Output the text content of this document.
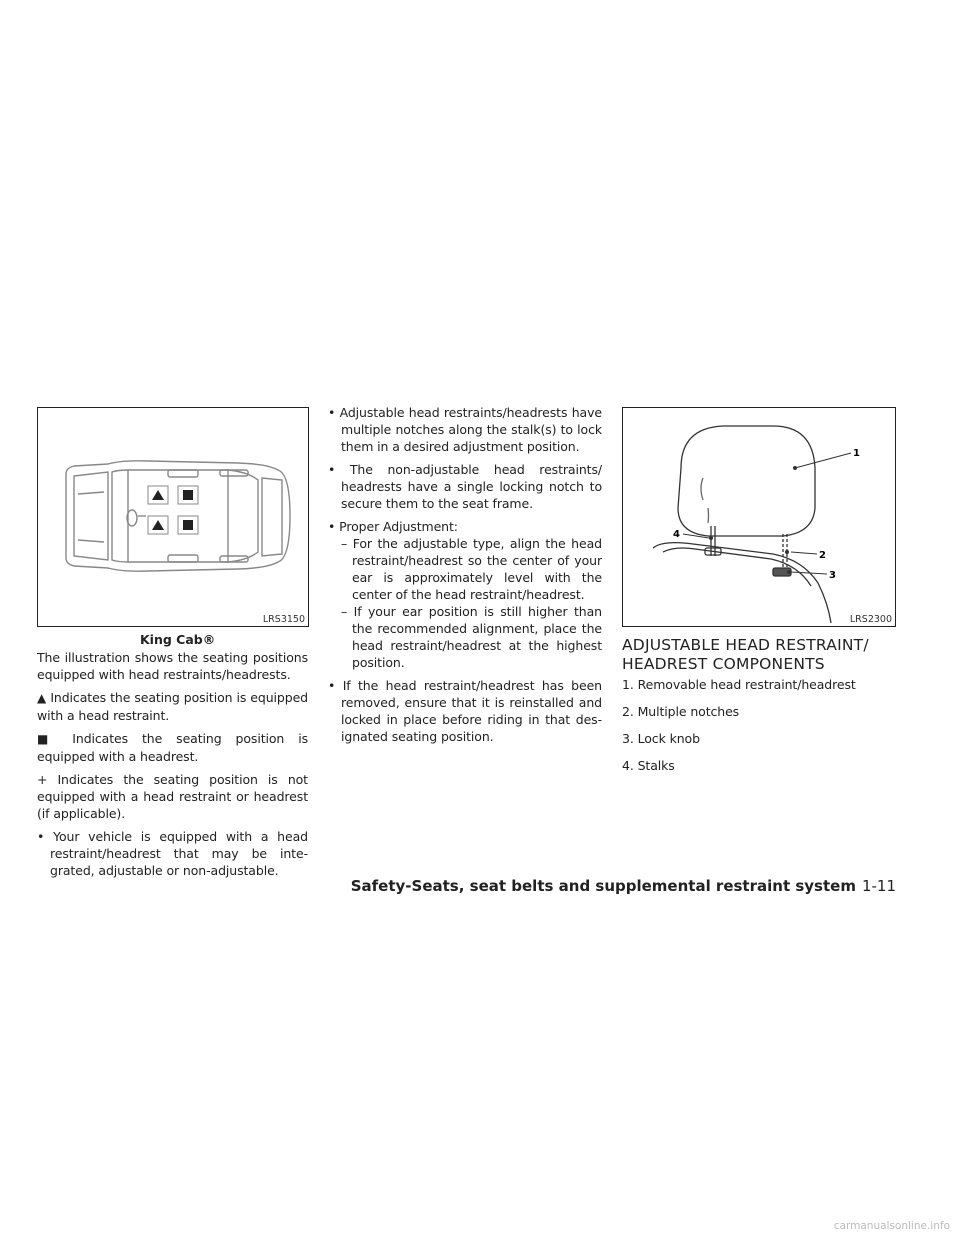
LRS3150
King Cab®

The illustration shows the seating positions equipped with head restraints/headrests.

▲ Indicates the seating position is equipped with a head restraint.

■ Indicates the seating position is equipped with a headrest.

+ Indicates the seating position is not equipped with a head restraint or headrest (if applicable).

• Your vehicle is equipped with a head restraint/headrest that may be inte-grated, adjustable or non-adjustable.
• Adjustable head restraints/headrests have multiple notches along the stalk(s) to lock them in a desired adjustment position.
• The non-adjustable head restraints/ headrests have a single locking notch to secure them to the seat frame.
• Proper Adjustment:
– For the adjustable type, align the head restraint/headrest so the center of your ear is approximately level with the center of the head restraint/headrest.
– If your ear position is still higher than the recommended alignment, place the head restraint/headrest at the highest position.
• If the head restraint/headrest has been removed, ensure that it is reinstalled and locked in place before riding in that des-ignated seating position.
1
2
3
4
LRS2300
ADJUSTABLE HEAD RESTRAINT/ HEADREST COMPONENTS
1. Removable head restraint/headrest
2. Multiple notches
3. Lock knob
4. Stalks
Safety-Seats, seat belts and supplemental restraint system 1-11
carmanualsonline.info
